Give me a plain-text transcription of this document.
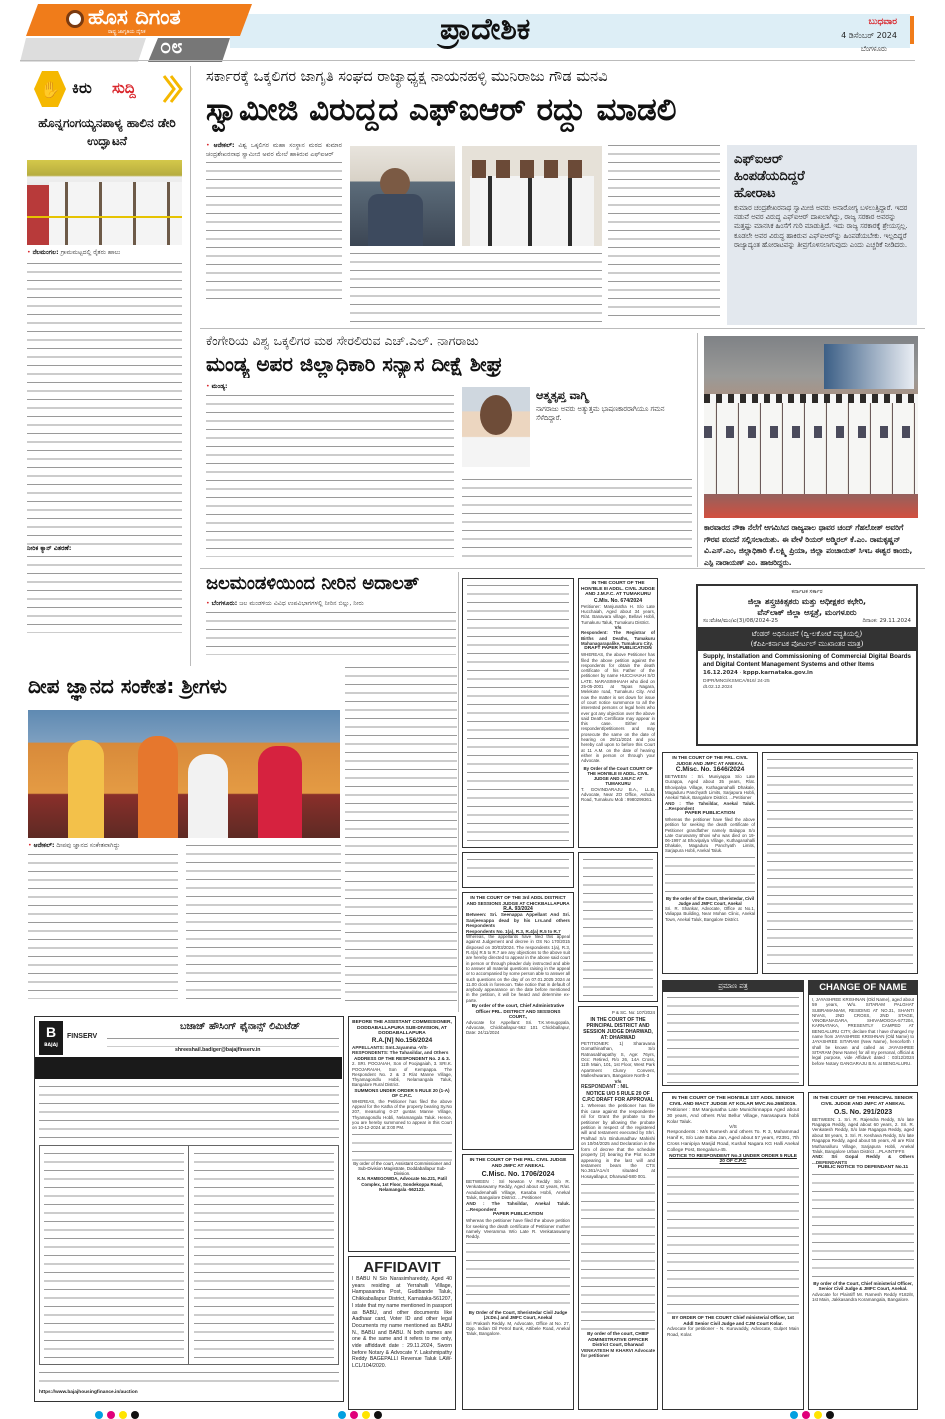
ಹೊಸ ದಿಗಂತ
ರಾಷ್ಟ್ರ ಜಾಗೃತಿಯ ದೈನಿಕ
೦೮	ಪ್ರಾದೇಶಿಕ	ಬುಧವಾರ
4 ಡಿಸೆಂಬರ್ 2024
ಬೆಂಗಳೂರು
✋ ಕಿರು ಸುದ್ದಿ
ಹೊನ್ನಗಂಗಯ್ಯನಪಾಳ್ಯ ಹಾಲಿನ ಡೇರಿ ಉದ್ಘಾಟನೆ
• ನೆಲಮಂಗಲ: ಗ್ರಾಮಮಟ್ಟದಲ್ಲಿ ರೈತರು ಹಾಲು
ನೀರಿಕ ಕ್ಯಾನ್ ವಿತರಣೆ:
ಸರ್ಕಾರಕ್ಕೆ ಒಕ್ಕಲಿಗರ ಜಾಗೃತಿ ಸಂಘದ ರಾಜ್ಯಾಧ್ಯಕ್ಷ ನಾಯನಹಳ್ಳಿ ಮುನಿರಾಜು ಗೌಡ ಮನವಿ
ಸ್ವಾಮೀಜಿ ವಿರುದ್ದದ ಎಫ್‌ಐಆರ್ ರದ್ದು ಮಾಡಲಿ
• ಆನೇಕಲ್: ವಿಶ್ವ ಒಕ್ಕಲಿಗರ ಮಹಾ ಸಂಸ್ಥಾನ ಮಠದ ಕುಮಾರ ಚಂದ್ರಶೇಖರನಾಥ ಸ್ವಾಮೀಜಿ ಅವರ ಮೇಲೆ ಹಾಕಿರುವ ಎಫ್‌ಐಆರ್	ಎಫ್‌ಐಆರ್ ಹಿಂಪಡೆಯದಿದ್ದರೆ ಹೋರಾಟ
ಕುಮಾರ ಚಂದ್ರಶೇಖರನಾಥ ಸ್ವಾಮೀಜಿ ಅವರು ಅನಾರೋಗ್ಯ ಬಳಲುತ್ತಿದ್ದಾರೆ. ಇದರ ನಡುವೆ ಅವರ ವಿರುದ್ಧ ಎಫ್‌ಐಆರ್ ದಾಖಲಾಗಿದ್ದು, ರಾಜ್ಯ ಸರಕಾರ ಅವರನ್ನು ಮತ್ತಷ್ಟು ಮಾನಸಿಕ ಹಿಂಸೆಗೆ ಗುರಿ ಮಾಡುತ್ತಿದೆ. ಇದು ರಾಜ್ಯ ಸರಕಾರಕ್ಕೆ ಶ್ರೇಯಸ್ಸಲ್ಲ. ಕೂಡಲೇ ಅವರ ವಿರುದ್ಧ ಹಾಕಿರುವ ಎಫ್‌ಐಆರ್‌ನ್ನು ಹಿಂಪಡೆಯಬೇಕು. ಇಲ್ಲದಿದ್ದರೆ ರಾಜ್ಯಾದ್ಯಂತ ಹೋರಾಟವನ್ನು ತೀವ್ರಗೊಳಿಸಲಾಗುವುದು ಎಂದು ಎಚ್ಚರಿಕೆ ನೀಡಿದರು.
ಕೆಂಗೇರಿಯ ವಿಶ್ವ ಒಕ್ಕಲಿಗರ ಮಠ ಸೇರಲಿರುವ ಎಚ್.ಎಲ್. ನಾಗರಾಜು
ಮಂಡ್ಯ ಅಪರ ಜಿಲ್ಲಾಧಿಕಾರಿ ಸನ್ಯಾಸ ದೀಕ್ಷೆ ಶೀಘ್ರ
• ಮಂಡ್ಯ:
ಆತ್ಮತೃಪ್ತ ವಾಗ್ಮಿ
ನಾಗರಾಜು ಅವರು ಅತ್ಯುತ್ತಮ ಭಾಷಣಕಾರರಾಗಿಯೂ ಗಮನ ಸೆಳೆದಿದ್ದಾರೆ.
ಕಾರವಾರದ ನೌಕಾ ನೆಲೆಗೆ ಆಗಮಿಸಿದ ರಾಜ್ಯಪಾಲ ಥಾವರ ಚಂದ್ ಗೆಹಲೋತ್ ಅವರಿಗೆ ಗೌರವ ವಂದನೆ ಸಲ್ಲಿಸಲಾಯಿತು. ಈ ವೇಳೆ ರಿಯರ್ ಅಡ್ಮಿರಲ್ ಕೆ.ಎಂ. ರಾಮಕೃಷ್ಣನ್ ವಿ.ಎಸ್.ಎಂ, ಜಿಲ್ಲಾಧಿಕಾರಿ ಕೆ.ಲಕ್ಷ್ಮಿ ಪ್ರಿಯಾ, ಜಿಲ್ಲಾ ಪಂಚಾಯತ್ ಸಿಇಒ ಈಶ್ವರ ಕಾಂದು, ಎಸ್ಪಿ ನಾರಾಯಣ್ ಎಂ. ಹಾಜರಿದ್ದರು.
ಜಲಮಂಡಳಿಯಿಂದ ನೀರಿನ ಅದಾಲತ್
• ಬೆಂಗಳೂರು: ಜಲ ಮಂಡಳಿಯ ವಿವಿಧ ಉಪವಿಭಾಗಗಳಲ್ಲಿ ನೀರಿನ ಬಿಲ್ಲು, ನೀರು
ದೀಪ ಜ್ಞಾನದ ಸಂಕೇತ: ಶ್ರೀಗಳು
• ಆನೇಕಲ್: ದೀಪವು ಜ್ಞಾನದ ಸಂಕೇತವಾಗಿದ್ದು
IN THE COURT OF THE HON'BLE III ADDL. CIVIL JUDGE AND J.M.F.C. AT TUMAKURU
C.Mis. No. 674/2024
Petitioner: Manjunatha H. S/o Late Hucchaiah, Aged about 34 years, R/at. Banavara village, Bellavi Hobli, Tumakuru Taluk, Tumakuru District.
V/s
Respondent: The Registrar of Births and Deaths, Tumakuru Mahanagarapalike, Tumakuru City.
DRAFT PAPER PUBLICATION
WHEREAS, the above Petitioner has filed the above petition against the respondents for obtain the death certificate of his Father of the petitioner by name HUCCHAIAH S/O LATE. NARASIMHAIAH who died on 25-05-2001 at Tapas Nagara, Melekote road, Tumakuru City. And now the matter is set down for issue of court notice summonce to all the interested persons or legal heirs who ever got any objection over the above said Death Certificate may appear in this case. Either as respondent/petitioners and may prosecute the same on the date of hearing on 29/11/2024 and you hereby call upon to before this Court at 11 A.M. on the date of hearing either in person or through your Advocate.
By Order of the Court COURT OF THE HON'BLE III ADDL. CIVIL JUDGE AND J.M.F.C AT TUMAKURU
T. GOVINDARAJU B.A., LL.B, Advocate, Near ZO Office, Ashoka Road, Tumakuru Mob : 9980299361.
IN THE COURT OF THE 3rd ADDL DISTRICT AND SESSIONS JUDGE AT CHICKBALLAPURA
R.A. 93/2024
Between: Sri. Seenappa Appellant And Sri. Sanjeevappa dead by his Lrs.and others Respondents
Respondents No. 1(a), R.3, R.4(a) R.5 to R.7
Whereas, the appellants have filed this appeal against Judgement and decree in OS No 170/2015 disposed on 30/03/2024. The respondents 1(a), R.3, R.4(a) R.5 to R.7 are any objections to the above suit are hereby directed to appear in the above said court in person or through pleader duly instructed and able to answer all material questions raising in the appeal or to accompanied by some person able to answer all such questions on the day of on 07.01.2025 2024 at 11.00 clock in forenoon. Take notice that in default of anybody appearance on the date before mentioned in the petition, it will be heard and determine ex-parte.
By order of the court, Chief Administrative Officer PRL. DISTRICT AND SESSIONS COURT.,
Advocate for Appellant: Sri. T.K.Venugopala, Advocate, Chickballapur-562 101 Chickballapur, Date: 24/11/2024
P & SC. No: 107/2024
IN THE COURT OF THE PRINCIPAL DISTRICT AND SESSION JUDGE DHARWAD, AT: DHARWAD
PETITIONER: 1) Sharavana Gomathinathan, S/o Ratnasabhapathy S, Age: 76yrs, Occ: Retired, R/o 26, 14A Cross, 11th Main, 101, 1st Floor, West Park Apartment Clunry Convent, Malleshwaram, Bangalore North-3
V/s
RESPONDANT : NIL
NOTICE U/O 5 RULE 20 OF C.P.C DRAFT FOR APPROVAL
1. Whereas the petitioner has file this case against the respondents- nil for Grant the probate to the petitioner by allowing the probate petition in respect of the registered will and testament executed by Shri. Pralhad S/o Bindumadhav Mahishi on 10/04/2025 and Declaration in the form of decree that the schedule property (2) bearing the Plot no.39 appearing in the last will and testament bears the CTS No.361/A1A/4 situated at Hosayallapur, Dharwad-580 001.
By order of the court, CHIEF ADMINISTRATIVE OFFICER District Court, Dharwad
VENKATESH M KHARVI Advocate for petitioner
IN THE COURT OF THE PRL. CIVIL JUDGE AND JMFC AT ANEKAL
C.Misc. No. 1706/2024
BETWEEN : Sri Newton V Reddy S/o R. Venkataswamy Reddy, Aged about 42 years, R/at. Avadadenahalli Village, Kasaba Hobli, Anekal Taluk, Bangalore District. ...Petitioner
AND : The Tahsildar, Anekal Taluk. ...Respondent
PAPER PUBLICATION
Whereas the petitioner have filed the above petition for seeking the death certificate of Petitioner mother namely Veeramma W/o Late R. Venkataswamy Reddy.
By Order of the Court, Sheristedar Civil Judge (Jr.Dn.) and JMFC Court, Anekal
Sri Prakash Reddy. M, Advocate, Office at No. 27, Opp. Indian Oil Petrol Bunk, Attibele Road, Anekal Taluk, Bangalore.
ಕರ್ನಾಟಕ ಸರ್ಕಾರ
ಜಿಲ್ಲಾ ಶಸ್ತ್ರಚಿಕಿತ್ಸಕರು ಮತ್ತು ಅಧೀಕ್ಷಕರ ಕಛೇರಿ,
ವೆನ್‌ಲಾಕ್ ಜಿಲ್ಲಾ ಆಸ್ಪತ್ರೆ, ಮಂಗಳೂರು
ಸಂ:ವೆಜಿಆ/ಮಂ/ಖ(3)/08/2024-25	ದಿನಾಂಕ: 29.11.2024
ಟೆಂಡರ್ ಅಧಿಸೂಚನೆ (ದ್ವಿ-ಲಕೋಟೆ ಪದ್ಧತಿಯಲ್ಲಿ)
(ಕೆಪಿಪಿ-ಕರ್ನಾಟಕ ಪೋರ್ಟಲ್ ಮುಖಾಂತರ ಮಾತ್ರ)
Supply, Installation and Commissioning of Commercial Digital Boards and Digital Content Management Systems and other Items
16.12.2024 · kppp.karnataka.gov.in
DIPR/MNG/KSMCA/916/ 24-25 dt.02.12.2024
IN THE COURT OF THE PRL. CIVIL JUDGE AND JMFC AT ANEKAL
C.Misc. No. 1646/2024
BETWEEN : Sri. Muniyappa S/o Late Gurappa, Aged about 35 years, R/at. Bhovipalya Village, Kuthaganahalli Dhakale, Magaduru Panchyath Limits, Sarjapura Hobli, Anekal Taluk, Bangalore District. ...Petitioner
AND : The Tahsildar, Anekal Taluk. ...Respondent
PAPER PUBLICATION
Whereas the petitioner have filed the above petition for seeking the death certificate of Petitioner grandfather namely Balappa S/o Late Gurusvamy Bhovi who was died on 19-06-1997 at Bhovipalya Village, Kuthaganahalli Dhakale, Magaduru Panchyath Limits, Sarjapura Hobli, Anekal Taluk.
By the order of the Court, Sheristedar, Civil Judge and JMFC Court, Anekal
Sri. R. Shankar, Advocate, Office at No.1, Valiappa Building, Near Mohan Clinic, Anekal Town, Anekal Taluk, Bangalore District.
ಪ್ರಮಾಣ ಪತ್ರ	CHANGE OF NAME
I, JAYASHREE KRISHNAN (Old Name), aged about 59 years, W/o. SITARAM PALGHAT SUBRAMANIAM, RESIDING AT NO.31, SHANTI NIVAS, 2ND CROSS, 2ND STAGE, VINOBANAGARA, SHIVAMOGGA-577204, KARNATAKA, PRESENTLY CAMPED AT BENGALURU CITY, declare that I have changed my name from JAYASHREE KRISHNAN (Old Name) to JAYASHREE SITARAM (New Name), henceforth I shall be known and called as JAYASHREE SITARAM (New Name) for all my personal, official & legal purpose, vide Affidavit dated : 03/12/2024 before Notary GANGARAJU B.N. at BENGALURU.
IN THE COURT OF THE HON'BLE 1ST ADDL SENIOR CIVIL AND MACT JUDGE AT KOLAR MVC.No.268/2019.
Petitioner : BM Manjunatha Late Munichinnappa Aged about 30 years, And others R/at Bellur Village, Narasapura hobli Kolar Taluk.
V/S
Respondents : M/s Ramesh and others To. R 3, Mahammad Hanif K, S/o Late Baba Jan, Aged about 57 years, #2391, 7th Cross Hanipiya Masjid Road, Kushal Nagara KG Halli Anekal College Post, Bengaluru-45.
NOTICE TO RESPONDENT No.3 UNDER ORDER 5 RULE 20 OF C.P.C
BY ORDER OF THE COURT Chief ministerial Officer, 1st Addl Senior Civil Judge and CJM Court Kolar.
Advocate for petitioner - N. Kuruvaddy, Advocate, Gulpet Main Road, Kolar.
IN THE COURT OF THE PRINCIPAL SENIOR CIVIL JUDGE AND JMFC AT ANEKAL
O.S. No. 291/2023
BETWEEN: 1. Sri. R. Rajendra Reddy, S/o late Ragappa Reddy, aged about 60 years, 2. Sri. R. Venkatesh Reddy, S/o late Ragappa Reddy, aged about 58 years, 3. Sri. R. Keshava Reddy, S/o late Ragappa Reddy, aged about 55 years, All are R/at Muthanalluru Village, Sarjapura Hobli, Anekal Taluk, Bangalore Urban District ...PLAINTIFFS
AND: Sri Gopal Reddy & Others ...DEFENDANTS
PUBLIC NOTICE TO DEFENDANT No.11
By order of the Court, Chief ministerial Officer, Senior Civil Judge & JMFC Court, Anekal.
Advocate for Plaintiff Mr. Ramesh Reddy #182/8, 1st Main, Jakkasandra Koramangala, Bangalore.
B
BAJAJ
FINSERV
ಬಜಾಜ್ ಹೌಸಿಂಗ್ ಫೈನಾನ್ಸ್ ಲಿಮಿಟೆಡ್
shreeshail.badiger@bajajfinserv.in
https://www.bajajhousingfinance.in/auction
BEFORE THE ASSISTANT COMMISSIONER, DODDABALLAPURA SUB-DIVISION, AT DODDABALLAPURA
R.A.[N] No.156/2024
APPELLANTS: Smt.Jayamma -V/S-
RESPONDENTS: The Tahasildar, and Others
ADDRESS OF THE RESPONDENT No. 2 & 3.
2. SRI. POOJAIAH, Son of Poojagaiah, 3. SRI.K. POOJARAIAH, Son of Kempappa. The Respondent No. 2 & 3 R/at Manne Village, Thyamagondlu Hobli, Nelamangala Taluk, Bangalore Rural District.
SUMMONS UNDER ORDER 5 RULE 20 (1-A) OF C.P.C.
WHEREAS, the Petitioner has filed the above Appeal for the Katha of the property bearing Sy.No 207, measuring 0-27 guntas Manne Village, Thyamagondlu Hobli, Nelamangala Taluk. Hence, you are hereby summoned to appear in this Court on 10-12-2024 at 3:00 PM.
By order of the court, Assistant Commissioner and Sub-Division Magistrate, Doddaballapur Sub-Division.
K.N. RAMEGOWDA, Advocate No.221, Patil Complex, 1st Floor, Sondekoppa Road, Nelamangala -562123.
AFFIDAVIT
I BABU N S/o Narasimhareddy, Aged 40 years residing at Yerrahalli Village, Hampasandra Post, Gudibande Taluk, Chikkaballapur District, Karnataka-561207, I state that my name mentioned in passport as BABU, and other documents like Aadhaar card, Voter ID and other legal Documents my name mentioned as BABU N., BABU and BABU. N both names are one & the same and it refers to me only, vide affiddavit date : 29.11.2024, Sworn before Notary & Advocate Y. Lakshmipathy Reddy BAGEPALLI Revenue Taluk LAW-LCL/104/2020.
